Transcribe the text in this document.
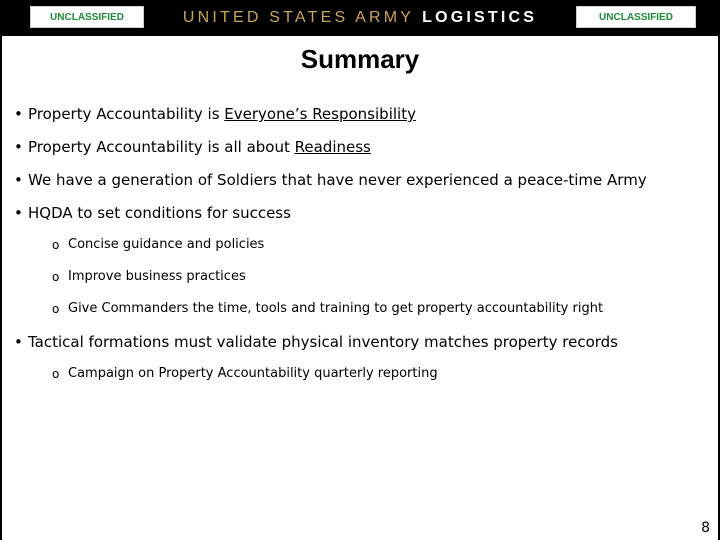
UNCLASSIFIED	UNITED STATES ARMY LOGISTICS	UNCLASSIFIED
Summary
• Property Accountability is Everyone’s Responsibility
• Property Accountability is all about Readiness
• We have a generation of Soldiers that have never experienced a peace-time Army
• HQDA to set conditions for success
o Concise guidance and policies
o Improve business practices
o Give Commanders the time, tools and training to get property accountability right
• Tactical formations must validate physical inventory matches property records
o Campaign on Property Accountability quarterly reporting
8
